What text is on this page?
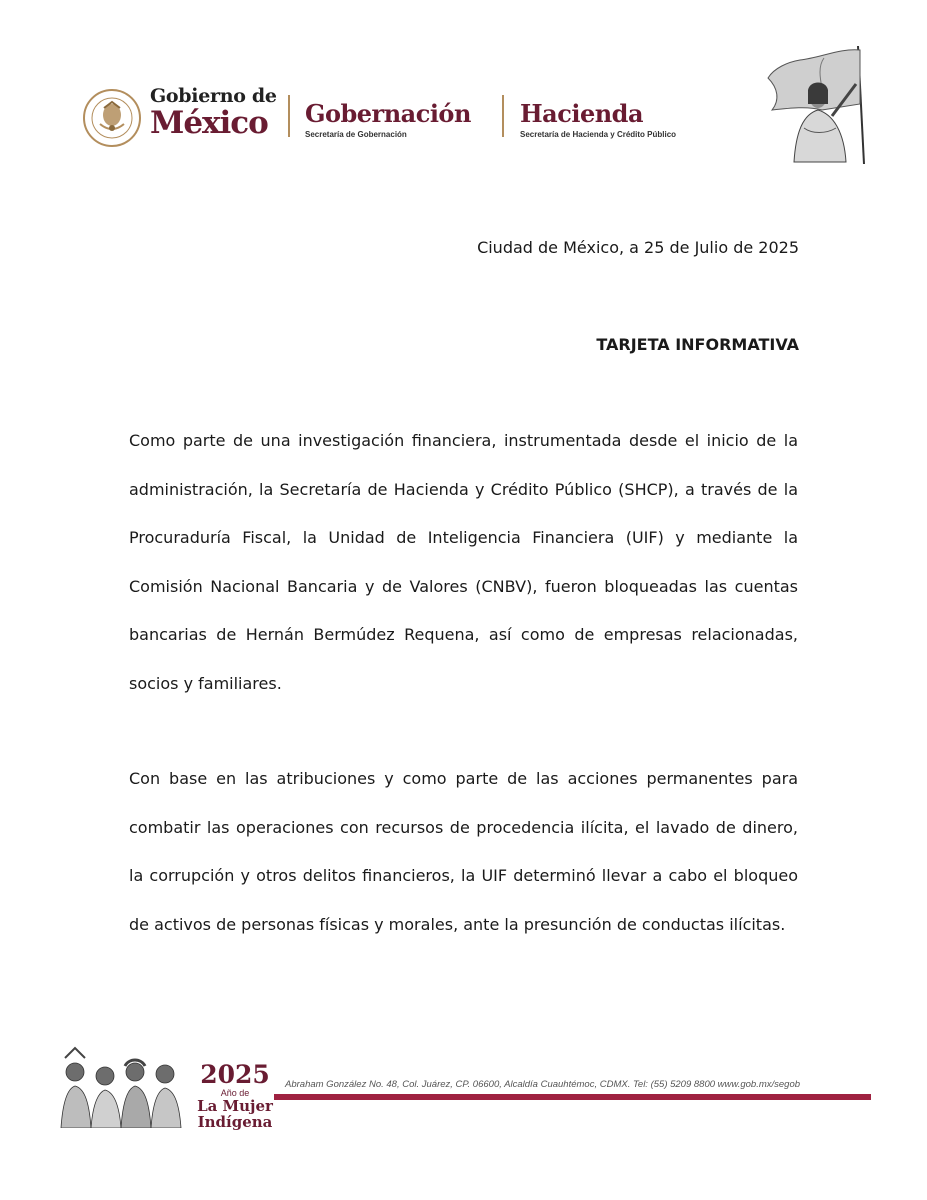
Gobierno de
México	Gobernación
Secretaría de Gobernación
Hacienda
Secretaría de Hacienda y Crédito Público
Ciudad de México, a 25 de Julio de 2025
TARJETA INFORMATIVA
Como parte de una investigación financiera, instrumentada desde el inicio de la administración, la Secretaría de Hacienda y Crédito Público (SHCP), a través de la Procuraduría Fiscal, la Unidad de Inteligencia Financiera (UIF) y mediante la Comisión Nacional Bancaria y de Valores (CNBV), fueron bloqueadas las cuentas bancarias de Hernán Bermúdez Requena, así como de empresas relacionadas, socios y familiares.
Con base en las atribuciones y como parte de las acciones permanentes para combatir las operaciones con recursos de procedencia ilícita, el lavado de dinero, la corrupción y otros delitos financieros, la UIF determinó llevar a cabo el bloqueo de activos de personas físicas y morales, ante la presunción de conductas ilícitas.
2025
Año de
La Mujer
Indígena
Abraham González No. 48, Col. Juárez, CP. 06600, Alcaldía Cuauhtémoc, CDMX. Tel: (55) 5209 8800 www.gob.mx/segob
